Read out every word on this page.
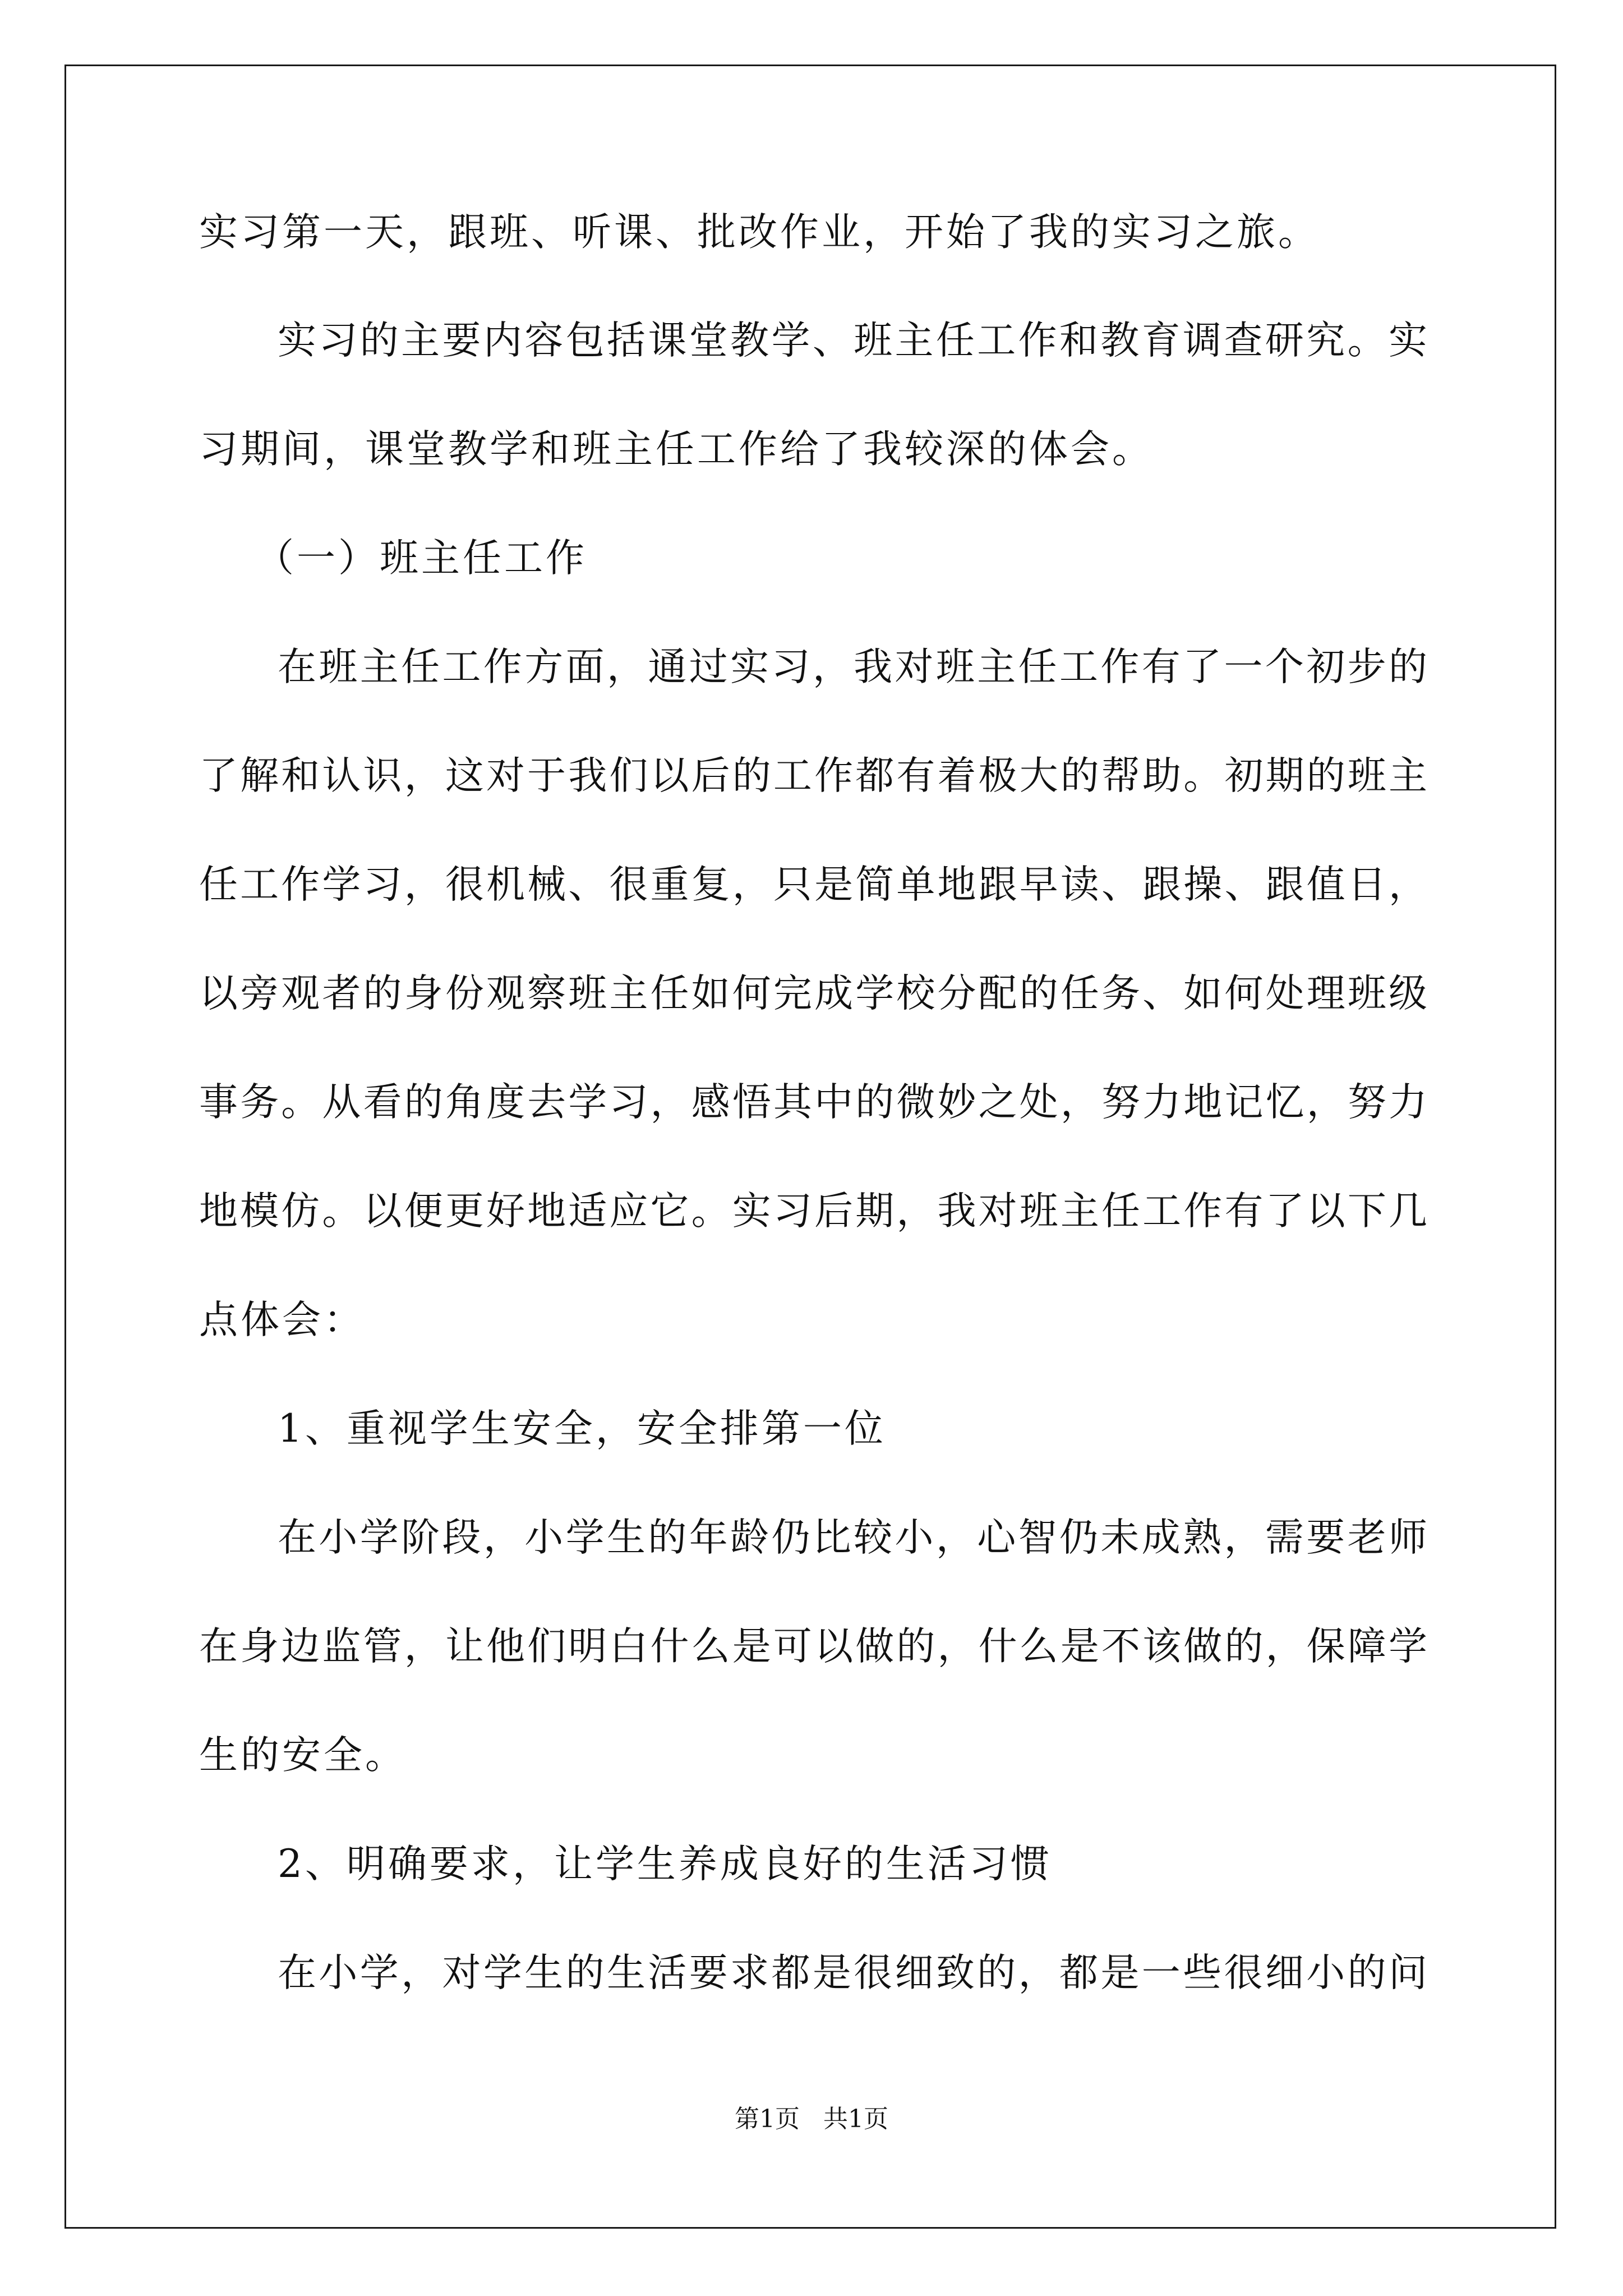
实习第一天，跟班、听课、批改作业，开始了我的实习之旅。
实习的主要内容包括课堂教学、班主任工作和教育调查研究。实
习期间，课堂教学和班主任工作给了我较深的体会。
（一）班主任工作
在班主任工作方面，通过实习，我对班主任工作有了一个初步的
了解和认识，这对于我们以后的工作都有着极大的帮助。初期的班主
任工作学习，很机械、很重复，只是简单地跟早读、跟操、跟值日，
以旁观者的身份观察班主任如何完成学校分配的任务、如何处理班级
事务。从看的角度去学习，感悟其中的微妙之处，努力地记忆，努力
地模仿。以便更好地适应它。实习后期，我对班主任工作有了以下几
点体会：
1、重视学生安全，安全排第一位
在小学阶段，小学生的年龄仍比较小，心智仍未成熟，需要老师
在身边监管，让他们明白什么是可以做的，什么是不该做的，保障学
生的安全。
2、明确要求，让学生养成良好的生活习惯
在小学，对学生的生活要求都是很细致的，都是一些很细小的问
第1页   共1页
